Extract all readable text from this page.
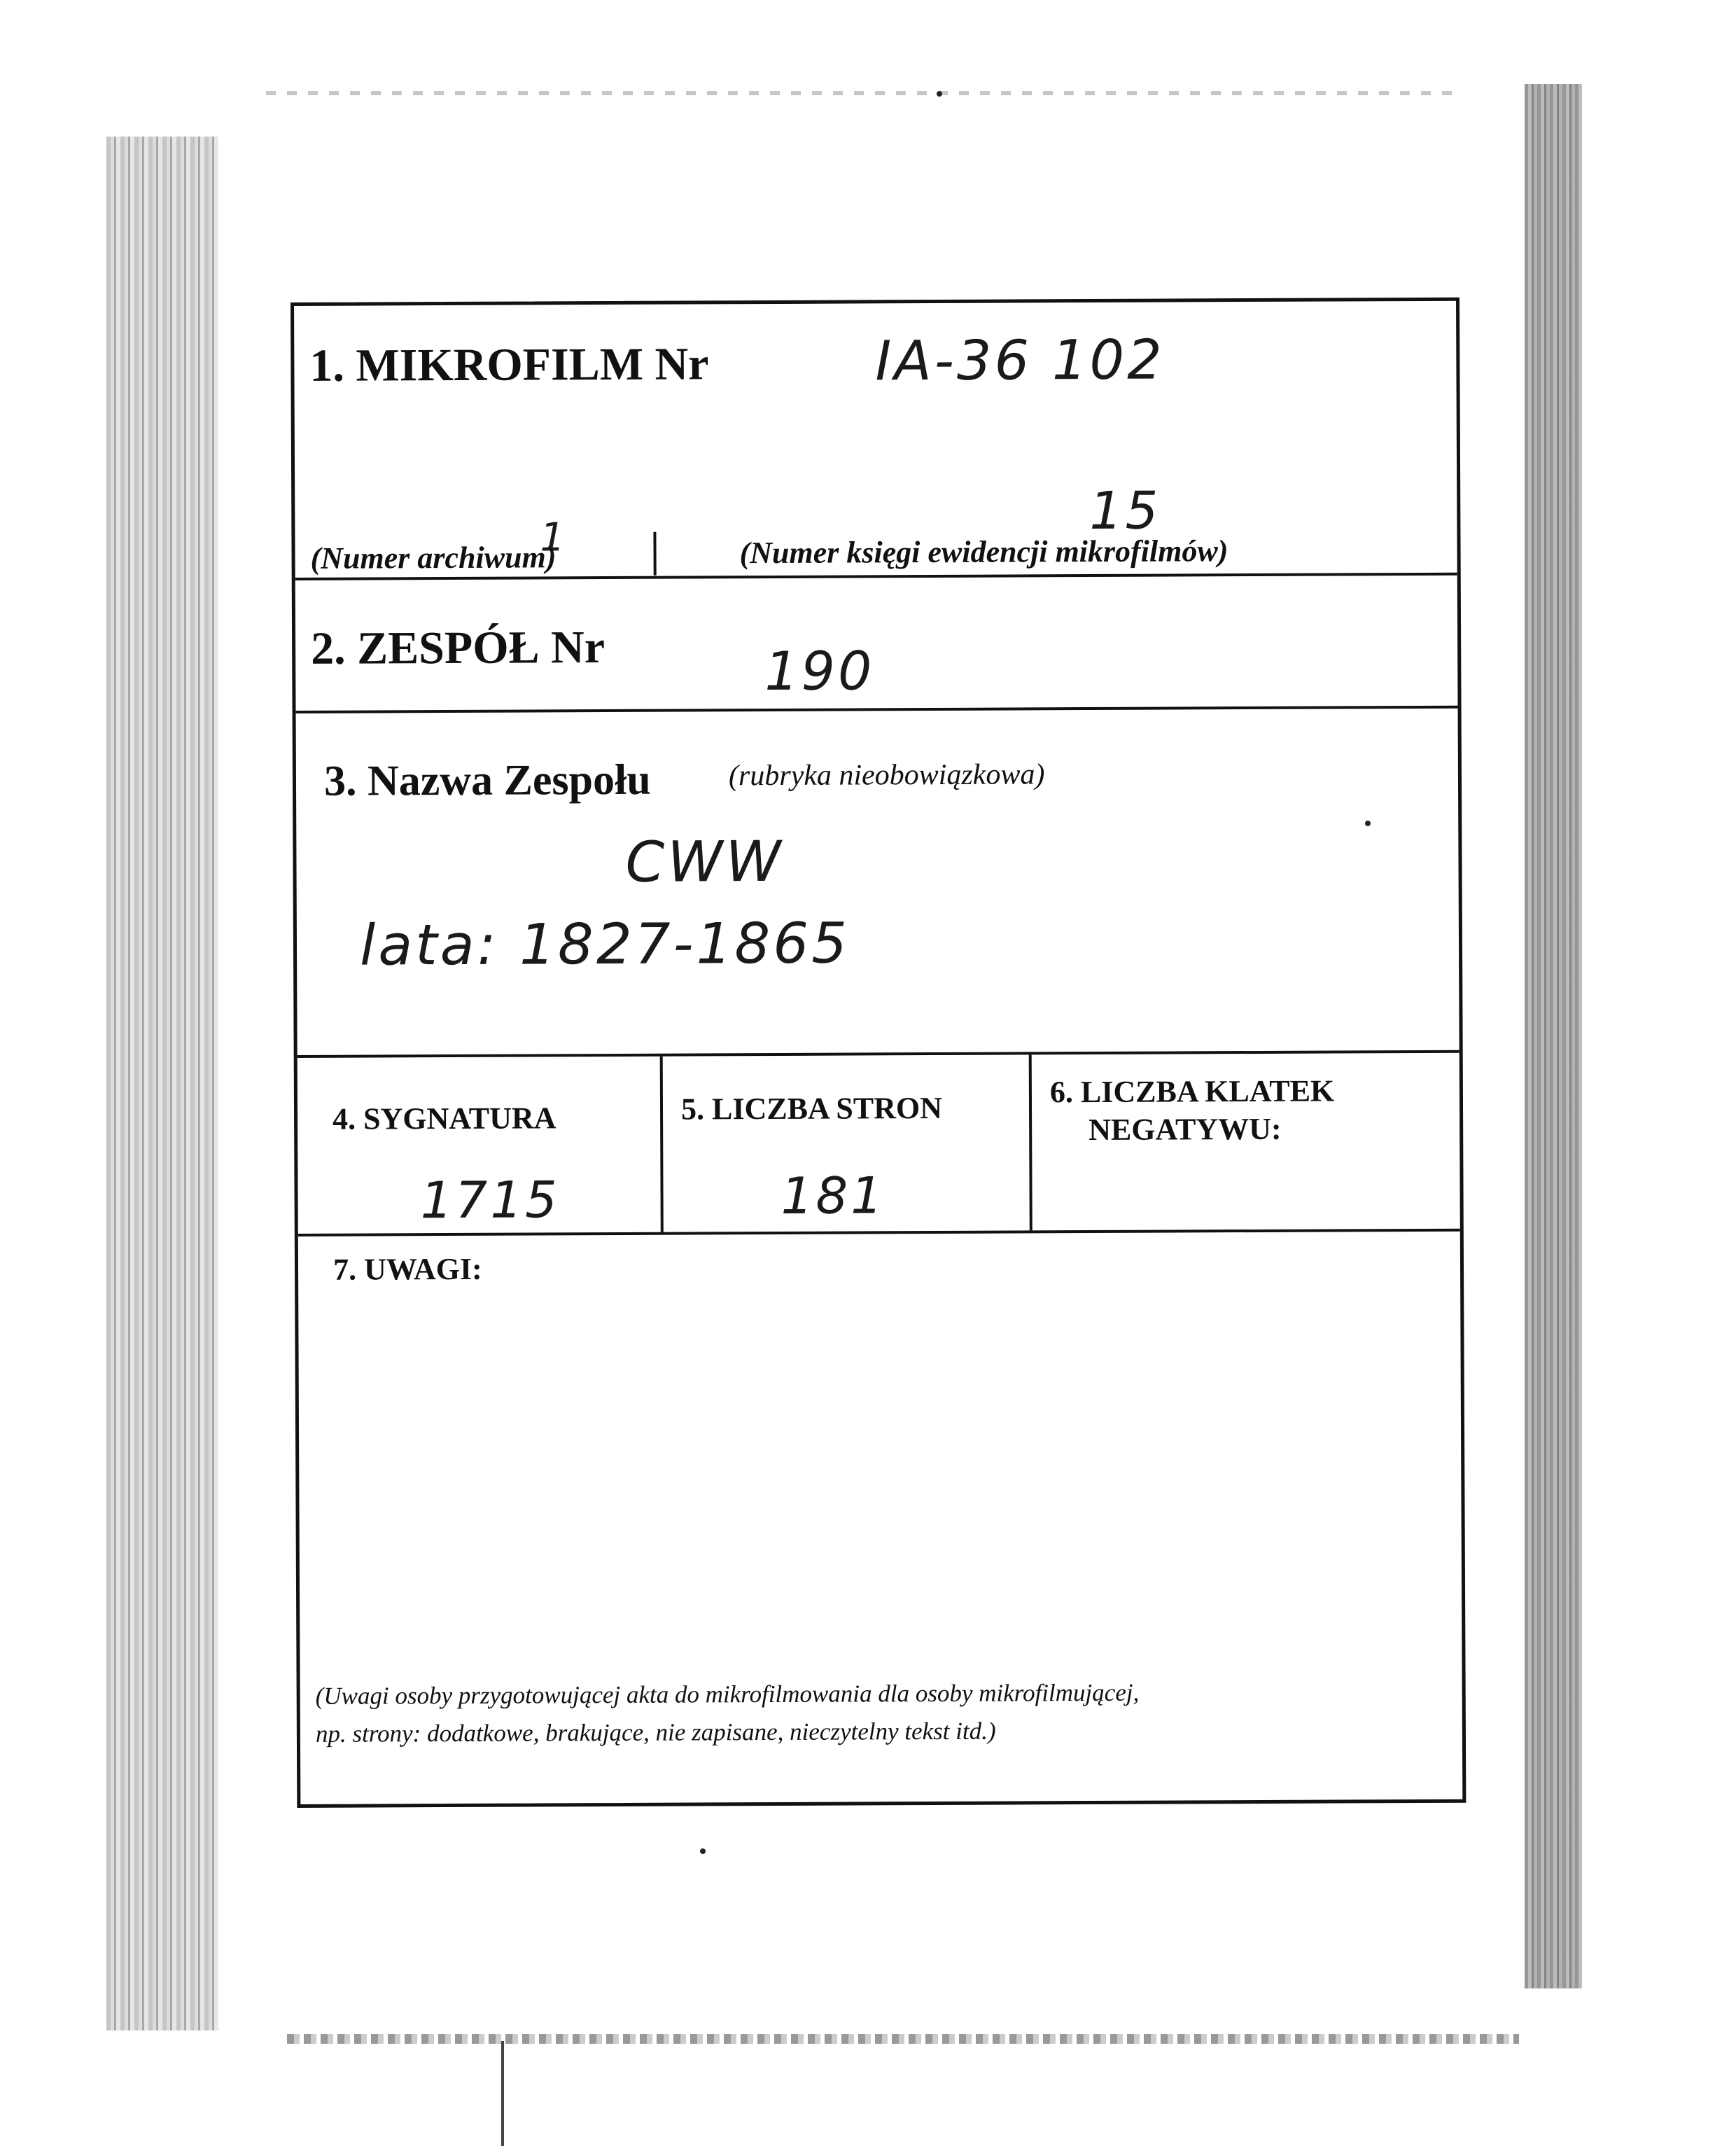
1. MIKROFILM Nr	IA-36 102
1	15
(Numer archiwum)	(Numer księgi ewidencji mikrofilmów)
2. ZESPÓŁ Nr	190
3. Nazwa Zespołu	(rubryka nieobowiązkowa)
CWW
lata: 1827-1865
4. SYGNATURA
1715
5. LICZBA STRON
181
6. LICZBA KLATEK
NEGATYWU:
7. UWAGI:
(Uwagi osoby przygotowującej akta do mikrofilmowania dla osoby mikrofilmującej,
np. strony: dodatkowe, brakujące, nie zapisane, nieczytelny tekst itd.)
